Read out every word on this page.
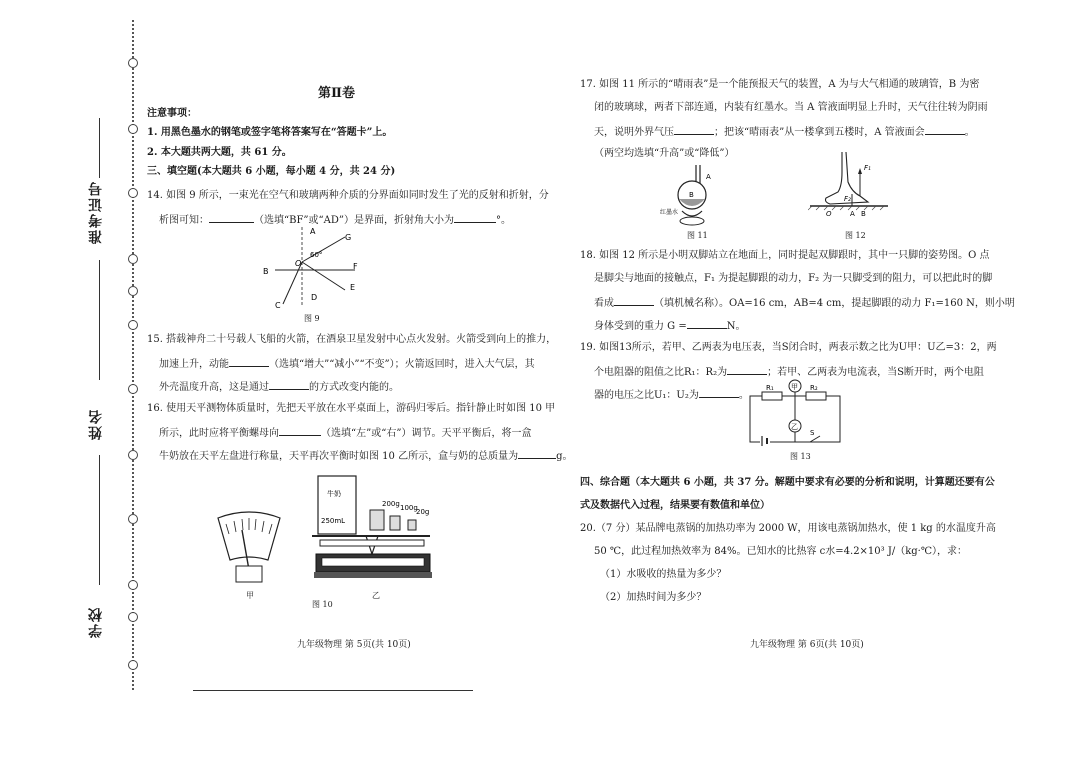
准考证号
姓名
学校
第Ⅱ卷
注意事项：
1. 用黑色墨水的钢笔或签字笔将答案写在“答题卡”上。
2. 本大题共两大题，共 61 分。
三、填空题(本大题共 6 小题，每小题 4 分，共 24 分)
14. 如图 9 所示，一束光在空气和玻璃两种介质的分界面如同时发生了光的反射和折射，分
析图可知：	（选填“BF”或“AD”）是界面，折射角大小为	°。
A
G
60°
O
B
F
E
C
D
图 9
15. 搭载神舟二十号载人飞船的火箭，在酒泉卫星发射中心点火发射。火箭受到向上的推力，
加速上升，动能	（选填“增大”“减小”“不变”）；火箭返回时，进入大气层，其
外壳温度升高，这是通过	的方式改变内能的。
16. 使用天平测物体质量时，先把天平放在水平桌面上，游码归零后。指针静止时如图 10 甲
所示，此时应将平衡螺母向	（选填“左”或“右”）调节。天平平衡后，将一盒
牛奶放在天平左盘进行称量，天平再次平衡时如图 10 乙所示，盒与奶的总质量为	g。
甲
牛奶
250mL
200g 100g
20g
乙
图 10
九年级物理 第 5页(共 10页)
17. 如图 11 所示的“晴雨表”是一个能预报天气的装置，A 为与大气相通的玻璃管，B 为密
闭的玻璃球，两者下部连通，内装有红墨水。当 A 管液面明显上升时，天气往往转为阴雨
天，说明外界气压	；把该“晴雨表”从一楼拿到五楼时，A 管液面会	。
（两空均选填“升高”或“降低”）
A
B
红墨水
图 11
F₁
F₂
O	A B
图 12
18. 如图 12 所示是小明双脚站立在地面上，同时提起双脚跟时，其中一只脚的姿势图。O 点
是脚尖与地面的接触点，F₁ 为提起脚跟的动力，F₂ 为一只脚受到的阻力，可以把此时的脚
看成	（填机械名称）。OA=16 cm，AB=4 cm，提起脚跟的动力 F₁=160 N，则小明
身体受到的重力 G =	N。
19. 如图13所示，若甲、乙两表为电压表，当S闭合时，两表示数之比为U甲：U乙=3：2，两
个电阻器的阻值之比R₁：R₂为	；若甲、乙两表为电流表，当S断开时，两个电阻
器的电压之比U₁：U₂为	。
甲
R₁	R₂
乙
S
图 13
四、综合题（本大题共 6 小题，共 37 分。解题中要求有必要的分析和说明，计算题还要有公
式及数据代入过程，结果要有数值和单位）
20.（7 分）某品牌电蒸锅的加热功率为 2000 W，用该电蒸锅加热水，使 1 kg 的水温度升高
50 ℃，此过程加热效率为 84%。已知水的比热容 c水=4.2×10³ J/（kg·℃），求：
（1）水吸收的热量为多少？
（2）加热时间为多少？
九年级物理 第 6页(共 10页)
